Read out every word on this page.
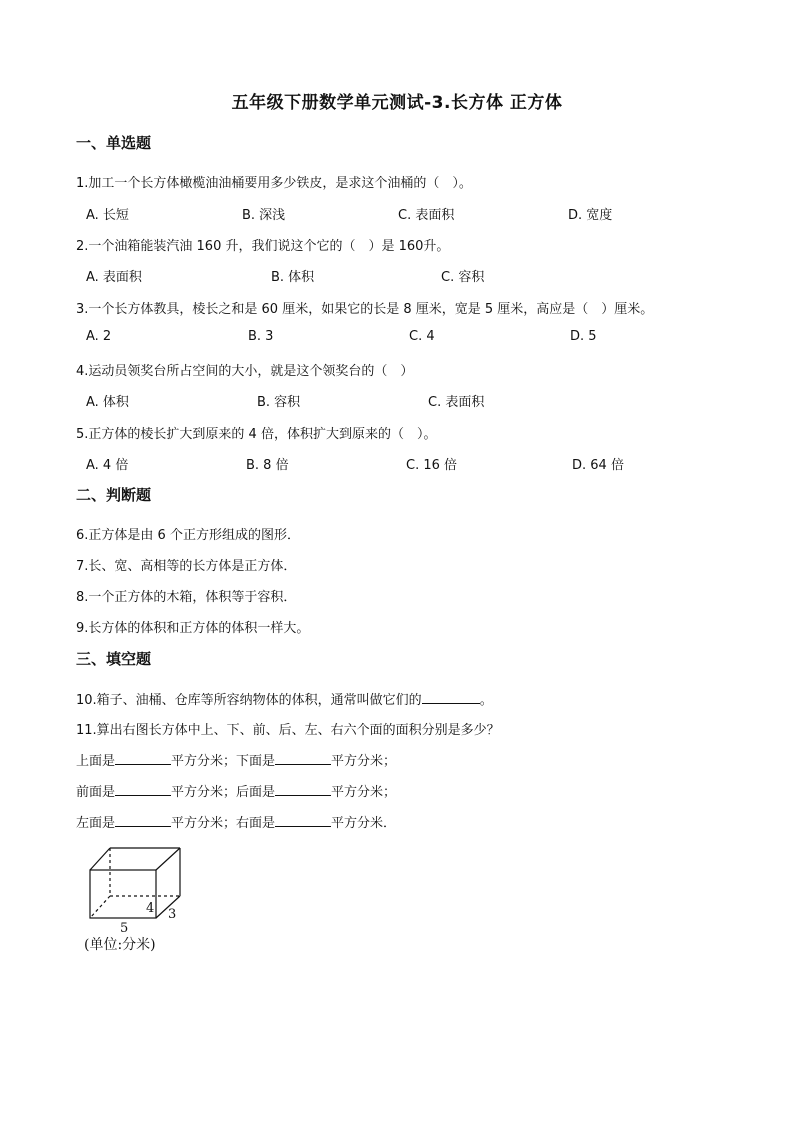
五年级下册数学单元测试-3.长方体 正方体
一、单选题
1.加工一个长方体橄榄油油桶要用多少铁皮，是求这个油桶的（　）。
A. 长短	B. 深浅	C. 表面积	D. 宽度
2.一个油箱能装汽油 160 升，我们说这个它的（　）是 160升。
A. 表面积	B. 体积	C. 容积
3.一个长方体教具，棱长之和是 60 厘米，如果它的长是 8 厘米，宽是 5 厘米，高应是（　）厘米。
A. 2	B. 3	C. 4	D. 5
4.运动员领奖台所占空间的大小，就是这个领奖台的（　）
A. 体积	B. 容积	C. 表面积
5.正方体的棱长扩大到原来的 4 倍，体积扩大到原来的（　）。
A. 4 倍	B. 8 倍	C. 16 倍	D. 64 倍
二、判断题
6.正方体是由 6 个正方形组成的图形．
7.长、宽、高相等的长方体是正方体．
8.一个正方体的木箱，体积等于容积．
9.长方体的体积和正方体的体积一样大。
三、填空题
10.箱子、油桶、仓库等所容纳物体的体积，通常叫做它们的	。
11.算出右图长方体中上、下、前、后、左、右六个面的面积分别是多少？
上面是	平方分米；下面是	平方分米；
前面是	平方分米；后面是	平方分米；
左面是	平方分米；右面是	平方分米．
4 3
5
(单位:分米)
